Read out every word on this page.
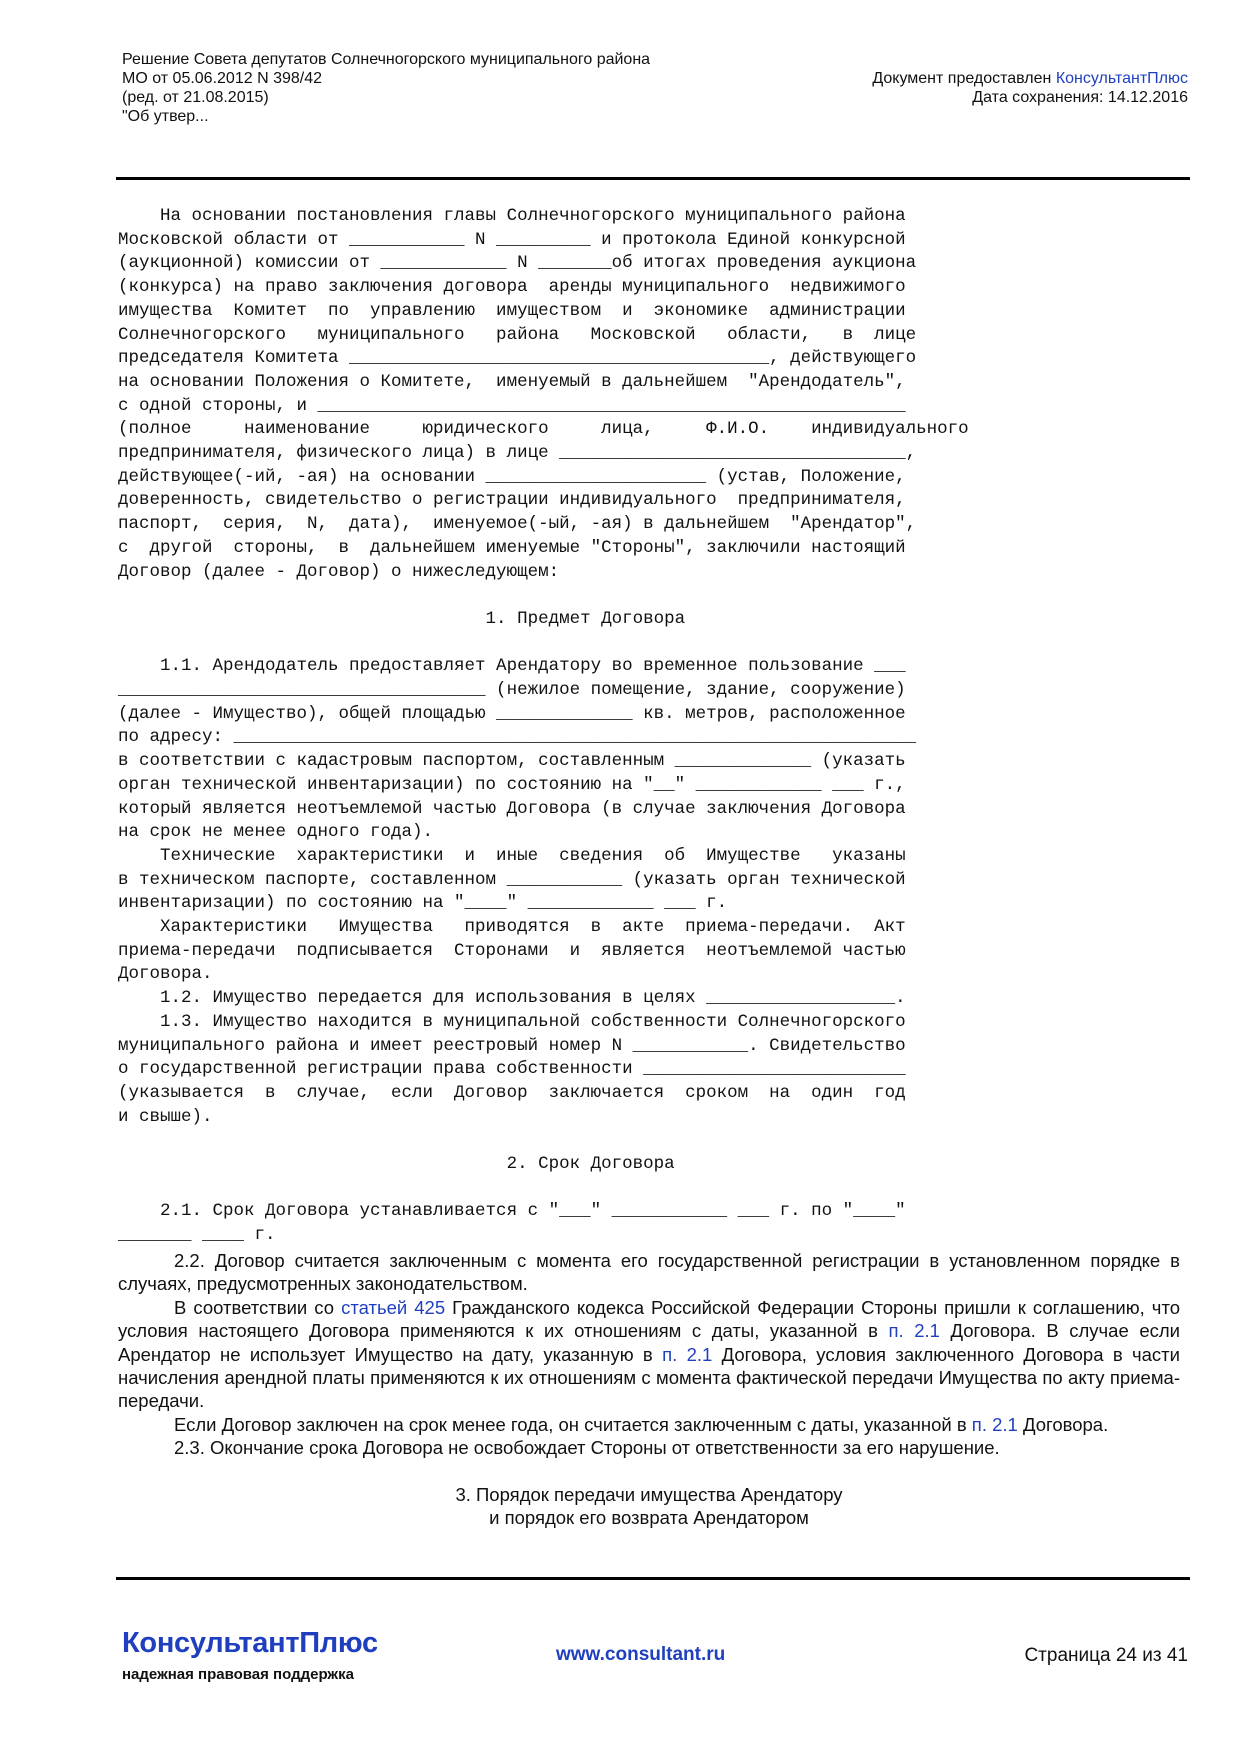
Решение Совета депутатов Солнечногорского муниципального района
МО от 05.06.2012 N 398/42
(ред. от 21.08.2015)
"Об утвер...
Документ предоставлен КонсультантПлюс
Дата сохранения: 14.12.2016
На основании постановления главы Солнечногорского муниципального района
Московской области от ___________ N _________ и протокола Единой конкурсной
(аукционной) комиссии от ____________ N _______об итогах проведения аукциона
(конкурса) на право заключения договора  аренды муниципального  недвижимого
имущества  Комитет  по  управлению  имуществом  и  экономике  администрации
Солнечногорского   муниципального   района   Московской   области,   в  лице
председателя Комитета ________________________________________, действующего
на основании Положения о Комитете,  именуемый в дальнейшем  "Арендодатель",
с одной стороны, и ________________________________________________________
(полное     наименование     юридического     лица,     Ф.И.О.    индивидуального
предпринимателя, физического лица) в лице _________________________________,
действующее(-ий, -ая) на основании _____________________ (устав, Положение,
доверенность, свидетельство о регистрации индивидуального  предпринимателя,
паспорт,  серия,  N,  дата),  именуемое(-ый, -ая) в дальнейшем  "Арендатор",
с  другой  стороны,  в  дальнейшем именуемые "Стороны", заключили настоящий
Договор (далее - Договор) о нижеследующем:
1. Предмет Договора
1.1. Арендодатель предоставляет Арендатору во временное пользование ___
___________________________________ (нежилое помещение, здание, сооружение)
(далее - Имущество), общей площадью _____________ кв. метров, расположенное
по адресу: _________________________________________________________________
в соответствии с кадастровым паспортом, составленным _____________ (указать
орган технической инвентаризации) по состоянию на "__" ____________ ___ г.,
который является неотъемлемой частью Договора (в случае заключения Договора
на срок не менее одного года).
Технические  характеристики  и  иные  сведения  об  Имуществе   указаны
в техническом паспорте, составленном ___________ (указать орган технической
инвентаризации) по состоянию на "____" ____________ ___ г.
Характеристики   Имущества   приводятся  в  акте  приема-передачи.  Акт
приема-передачи  подписывается  Сторонами  и  является  неотъемлемой частью
Договора.
1.2. Имущество передается для использования в целях __________________.
1.3. Имущество находится в муниципальной собственности Солнечногорского
муниципального района и имеет реестровый номер N ___________. Свидетельство
о государственной регистрации права собственности _________________________
(указывается  в  случае,  если  Договор  заключается  сроком  на  один  год
и свыше).
2. Срок Договора
2.1. Срок Договора устанавливается с "___" ___________ ___ г. по "____"
_______ ____ г.

2.2. Договор считается заключенным с момента его государственной регистрации в установленном порядке в случаях, предусмотренных законодательством.

В соответствии со статьей 425 Гражданского кодекса Российской Федерации Стороны пришли к соглашению, что условия настоящего Договора применяются к их отношениям с даты, указанной в п. 2.1 Договора. В случае если Арендатор не использует Имущество на дату, указанную в п. 2.1 Договора, условия заключенного Договора в части начисления арендной платы применяются к их отношениям с момента фактической передачи Имущества по акту приема-передачи.

Если Договор заключен на срок менее года, он считается заключенным с даты, указанной в п. 2.1 Договора.

2.3. Окончание срока Договора не освобождает Стороны от ответственности за его нарушение.

3. Порядок передачи имущества Арендатору
и порядок его возврата Арендатором
КонсультантПлюс
надежная правовая поддержка
www.consultant.ru	Страница 24 из 41
